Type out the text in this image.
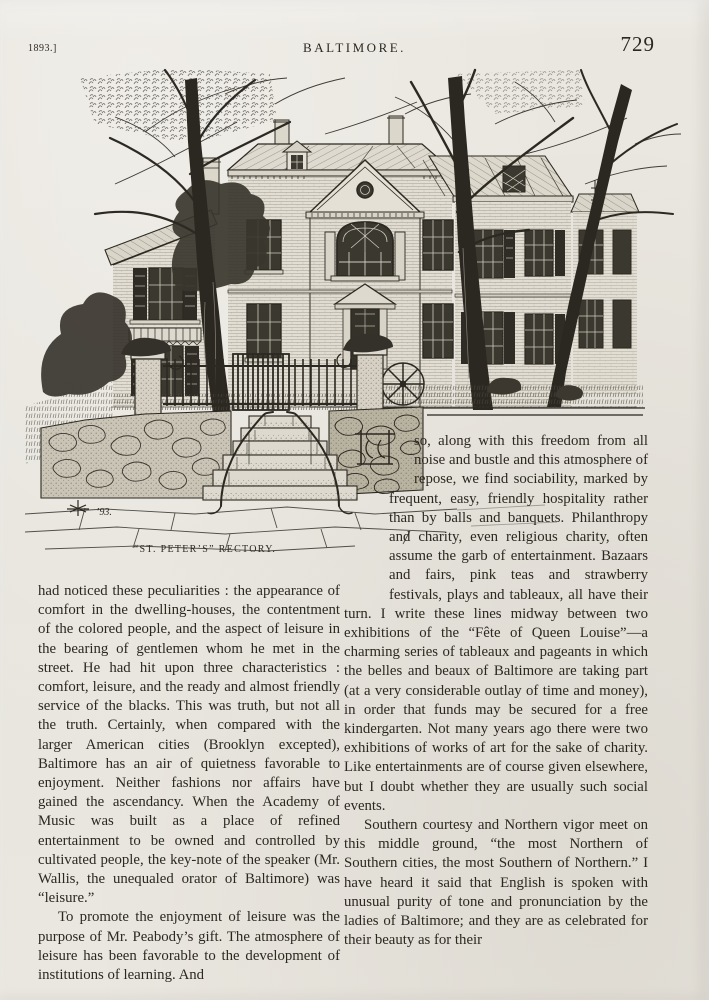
1893.]	BALTIMORE.	729
’93.
“ST. PETER’S” RECTORY.

had noticed these peculiarities : the appearance of comfort in the dwelling-houses, the contentment of the colored people, and the aspect of leisure in the bearing of gentlemen whom he met in the street. He had hit upon three characteristics : comfort, leisure, and the ready and almost friendly service of the blacks. This was truth, but not all the truth. Certainly, when compared with the larger American cities (Brooklyn excepted), Baltimore has an air of quietness favorable to enjoyment. Neither fashions nor affairs have gained the ascendancy. When the Academy of Music was built as a place of refined entertainment to be owned and controlled by cultivated people, the key-note of the speaker (Mr. Wallis, the unequaled orator of Baltimore) was “leisure.”

To promote the enjoyment of leisure was the purpose of Mr. Peabody’s gift. The atmosphere of leisure has been favorable to the development of institutions of learning. And

so, along with this freedom from all noise and bustle and this atmosphere of repose, we find sociability, marked by frequent, easy, friendly hospitality rather than by balls and banquets. Philanthropy and charity, even religious charity, often assume the garb of entertainment. Bazaars and fairs, pink teas and strawberry festivals, plays and tableaux, all have their turn. I write these lines midway between two exhibitions of the “Fête of Queen Louise”—a charming series of tableaux and pageants in which the belles and beaux of Baltimore are taking part (at a very considerable outlay of time and money), in order that funds may be secured for a free kindergarten. Not many years ago there were two exhibitions of works of art for the sake of charity. Like entertainments are of course given elsewhere, but I doubt whether they are usually such social events.

Southern courtesy and Northern vigor meet on this middle ground, “the most Northern of Southern cities, the most Southern of Northern.” I have heard it said that English is spoken with unusual purity of tone and pronunciation by the ladies of Baltimore; and they are as celebrated for their beauty as for their
